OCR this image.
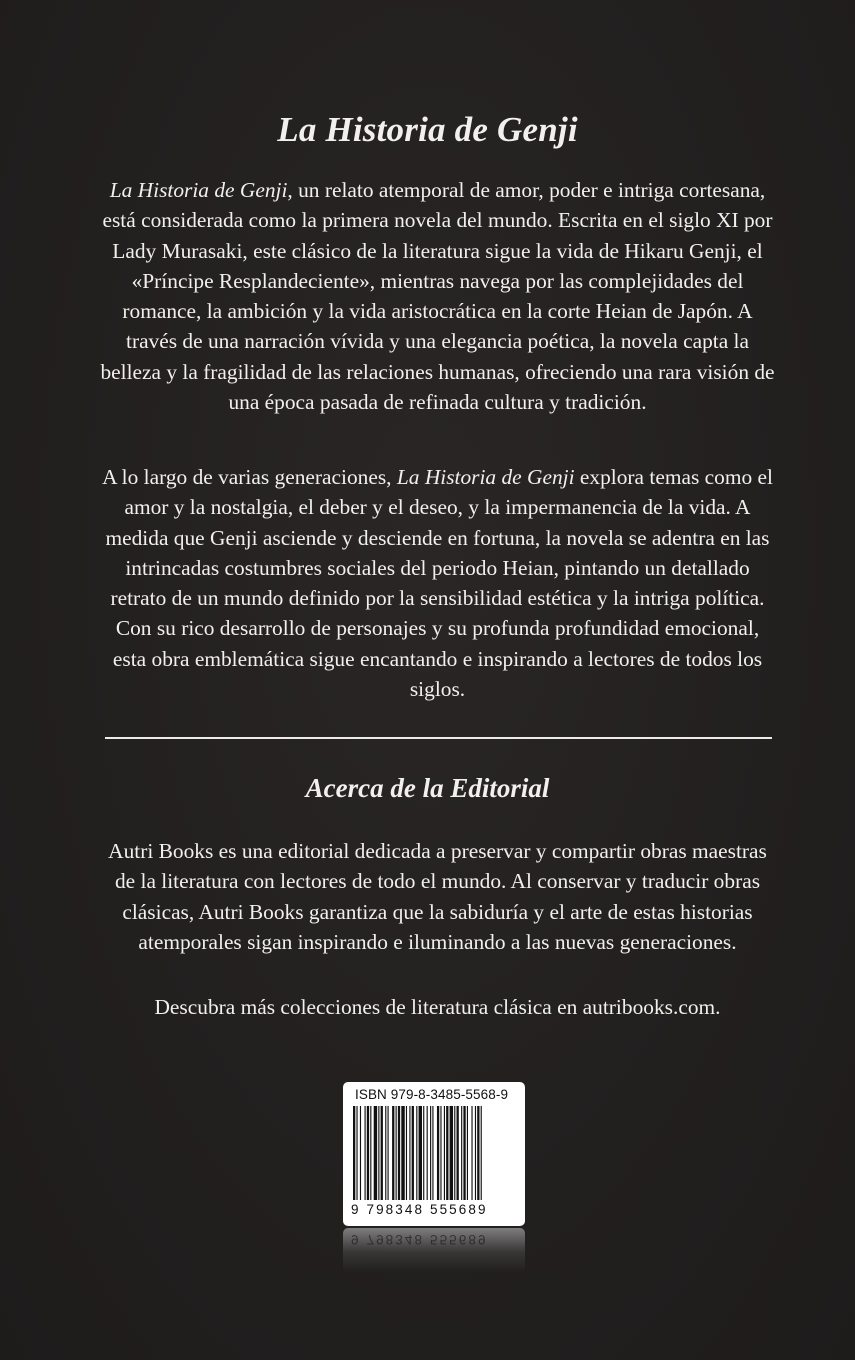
La Historia de Genji

La Historia de Genji, un relato atemporal de amor, poder e intriga cortesana, está considerada como la primera novela del mundo. Escrita en el siglo XI por Lady Murasaki, este clásico de la literatura sigue la vida de Hikaru Genji, el «Príncipe Resplandeciente», mientras navega por las complejidades del romance, la ambición y la vida aristocrática en la corte Heian de Japón. A través de una narración vívida y una elegancia poética, la novela capta la belleza y la fragilidad de las relaciones humanas, ofreciendo una rara visión de una época pasada de refinada cultura y tradición.

A lo largo de varias generaciones, La Historia de Genji explora temas como el amor y la nostalgia, el deber y el deseo, y la impermanencia de la vida. A medida que Genji asciende y desciende en fortuna, la novela se adentra en las intrincadas costumbres sociales del periodo Heian, pintando un detallado retrato de un mundo definido por la sensibilidad estética y la intriga política. Con su rico desarrollo de personajes y su profunda profundidad emocional, esta obra emblemática sigue encantando e inspirando a lectores de todos los siglos.

Acerca de la Editorial

Autri Books es una editorial dedicada a preservar y compartir obras maestras de la literatura con lectores de todo el mundo. Al conservar y traducir obras clásicas, Autri Books garantiza que la sabiduría y el arte de estas historias atemporales sigan inspirando e iluminando a las nuevas generaciones.

Descubra más colecciones de literatura clásica en autribooks.com.

ISBN 979-8-3485-5568-9
9 798348 555689
9 798348 555689
